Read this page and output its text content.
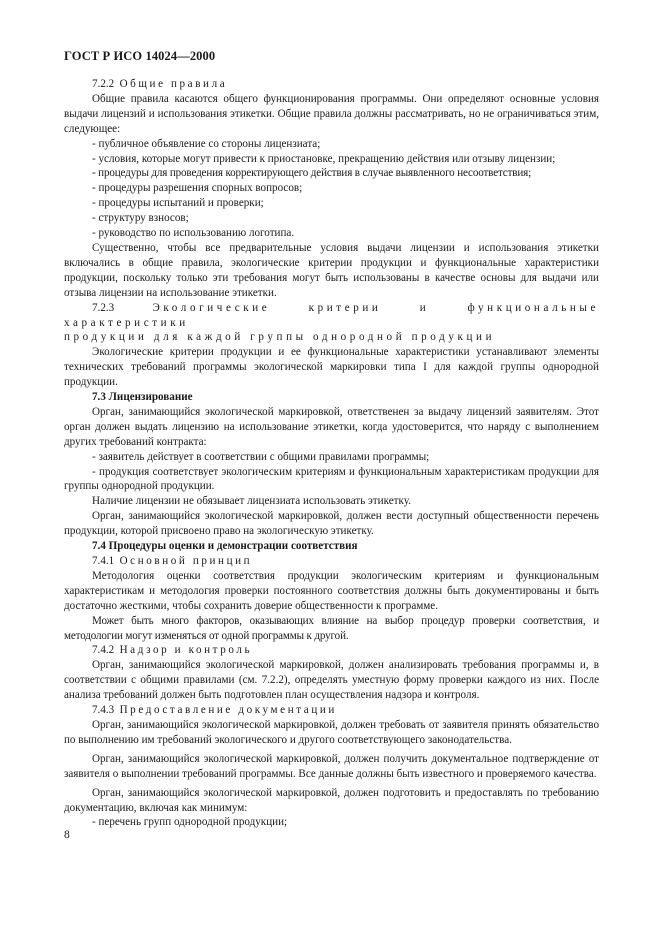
ГОСТ Р ИСО 14024—2000

7.2.2 Общие правила

Общие правила касаются общего функционирования программы. Они определяют основные условия выдачи лицензий и использования этикетки. Общие правила должны рассматривать, но не ограничиваться этим, следующее:

- публичное объявление со стороны лицензиата;

- условия, которые могут привести к приостановке, прекращению действия или отзыву лицензии;

- процедуры для проведения корректирующего действия в случае выявленного несоответствия;

- процедуры разрешения спорных вопросов;

- процедуры испытаний и проверки;

- структуру взносов;

- руководство по использованию логотипа.

Существенно, чтобы все предварительные условия выдачи лицензии и использования этикетки включались в общие правила, экологические критерии продукции и функциональные характеристики продукции, поскольку только эти требования могут быть использованы в качестве основы для выдачи или отзыва лицензии на использование этикетки.

7.2.3	Экологические критерии и функциональные характеристики

продукции для каждой группы однородной продукции

Экологические критерии продукции и ее функциональные характеристики устанавливают элементы технических требований программы экологической маркировки типа I для каждой группы однородной продукции.

7.3 Лицензирование

Орган, занимающийся экологической маркировкой, ответственен за выдачу лицензий заявителям. Этот орган должен выдать лицензию на использование этикетки, когда удостоверится, что наряду с выполнением других требований контракта:

- заявитель действует в соответствии с общими правилами программы;

- продукция соответствует экологическим критериям и функциональным характеристикам продукции для группы однородной продукции.

Наличие лицензии не обязывает лицензиата использовать этикетку.

Орган, занимающийся экологической маркировкой, должен вести доступный общественности перечень продукции, которой присвоено право на экологическую этикетку.

7.4 Процедуры оценки и демонстрации соответствия

7.4.1 Основной принцип

Методология оценки соответствия продукции экологическим критериям и функциональным характеристикам и методология проверки постоянного соответствия должны быть документированы и быть достаточно жесткими, чтобы сохранить доверие общественности к программе.

Может быть много факторов, оказывающих влияние на выбор процедур проверки соответствия, и методологии могут изменяться от одной программы к другой.

7.4.2 Надзор и контроль

Орган, занимающийся экологической маркировкой, должен анализировать требования программы и, в соответствии с общими правилами (см. 7.2.2), определять уместную форму проверки каждого из них. После анализа требований должен быть подготовлен план осуществления надзора и контроля.

7.4.3 Предоставление документации

Орган, занимающийся экологической маркировкой, должен требовать от заявителя принять обязательство по выполнению им требований экологического и другого соответствующего законодательства.

Орган, занимающийся экологической маркировкой, должен получить документальное подтверждение от заявителя о выполнении требований программы. Все данные должны быть известного и проверяемого качества.

Орган, занимающийся экологической маркировкой, должен подготовить и предоставлять по требованию документацию, включая как минимум:

- перечень групп однородной продукции;

8
